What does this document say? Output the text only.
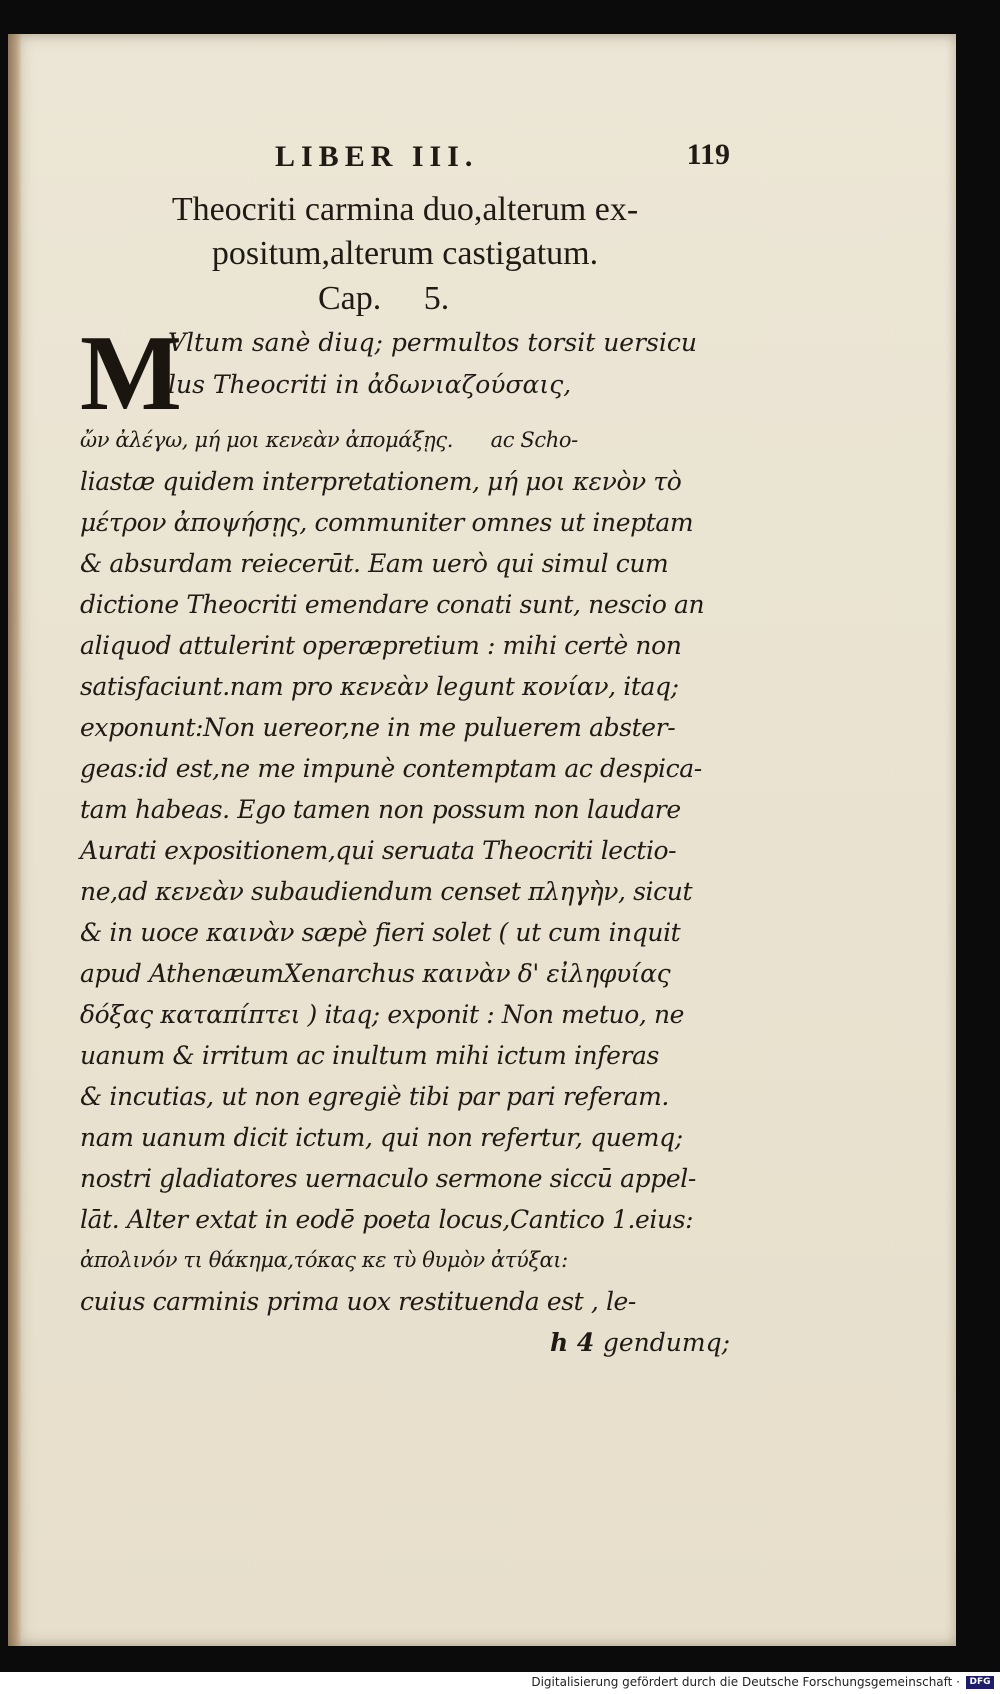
LIBER III.	119
Theocriti carmina duo,alterum ex-
positum,alterum castigatum.
Cap.     5.
M
Vltum sanè diuq; permultos torsit uersicu
lus Theocriti in ἀδωνιαζούσαις,
ὤν ἀλέγω, μή μοι κενεὰν ἀπομάξῃς.      ac Scho-
liastæ quidem interpretationem, μή μοι κενὸν τὸ
μέτρον ἀποψήσῃς, communiter omnes ut ineptam
& absurdam reiecerūt. Eam uerò qui simul cum
dictione Theocriti emendare conati sunt, nescio an
aliquod attulerint operæpretium : mihi certè non
satisfaciunt.nam pro κενεὰν legunt κονίαν, itaq;
exponunt:Non uereor,ne in me puluerem abster-
geas:id est,ne me impunè contemptam ac despica-
tam habeas. Ego tamen non possum non laudare
Aurati expositionem,qui seruata Theocriti lectio-
ne,ad κενεὰν subaudiendum censet πληγὴν, sicut
& in uoce καινὰν sæpè fieri solet ( ut cum inquit
apud AthenæumXenarchus καινὰν δ' εἰληφυίας
δόξας καταπίπτει ) itaq; exponit : Non metuo, ne
uanum & irritum ac inultum mihi ictum inferas
& incutias, ut non egregiè tibi par pari referam.
nam uanum dicit ictum, qui non refertur, quemq;
nostri gladiatores uernaculo sermone siccū appel-
lāt. Alter extat in eodē poeta locus,Cantico 1.eius:
ἀπολινόν τι θάκημα,τόκας κε τὺ θυμὸν ἀτύξαι:
cuius carminis prima uox restituenda est , le-
h 4 gendumq;
Digitalisierung gefördert durch die Deutsche Forschungsgemeinschaft ·	DFG
